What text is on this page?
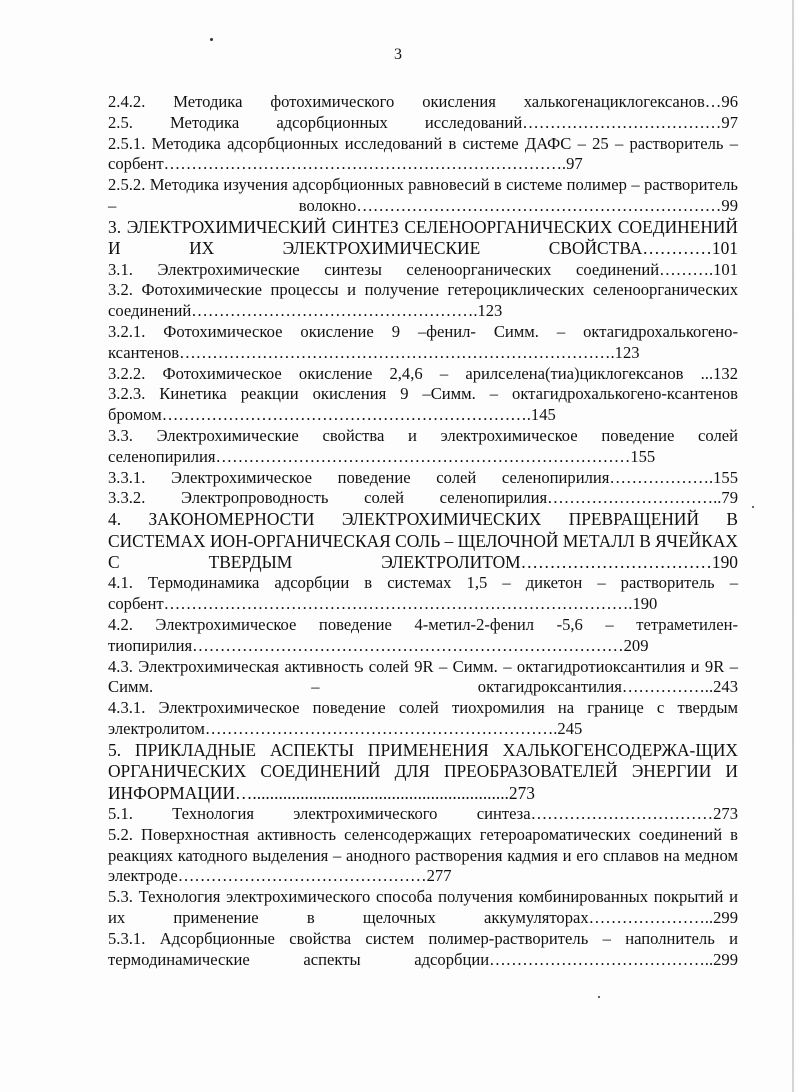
3

2.4.2. Методика фотохимического окисления халькогенациклогексанов…96

2.5. Методика адсорбционных исследований………………………………97

2.5.1. Методика адсорбционных исследований в системе ДАФС – 25 – растворитель – сорбент……………………………………………………………….97

2.5.2. Методика изучения адсорбционных равновесий в системе полимер – растворитель – волокно…………………………………………………………99

3. ЭЛЕКТРОХИМИЧЕСКИЙ СИНТЕЗ СЕЛЕНООРГАНИЧЕСКИХ СОЕДИНЕНИЙ И ИХ ЭЛЕКТРОХИМИЧЕСКИЕ СВОЙСТВА…………101

3.1. Электрохимические синтезы селеноорганических соединений……….101

3.2. Фотохимические процессы и получение гетероциклических селеноорганических соединений…………………………………………….123

3.2.1. Фотохимическое окисление 9 –фенил- Симм. – октагидрохалькогено-ксантенов…………………………………………………………………….123

3.2.2. Фотохимическое окисление 2,4,6 – арилселена(тиа)циклогексанов ...132

3.2.3. Кинетика реакции окисления 9 –Симм. – октагидрохалькогено-ксантенов бромом………………………………………………………….145

3.3. Электрохимические свойства и электрохимическое поведение солей селенопирилия…………………………………………………………………155

3.3.1. Электрохимическое поведение солей селенопирилия……………….155

3.3.2. Электропроводность солей селенопирилия…………………………..79

4. ЗАКОНОМЕРНОСТИ ЭЛЕКТРОХИМИЧЕСКИХ ПРЕВРАЩЕНИЙ В СИСТЕМАХ ИОН-ОРГАНИЧЕСКАЯ СОЛЬ – ЩЕЛОЧНОЙ МЕТАЛЛ В ЯЧЕЙКАХ С ТВЕРДЫМ ЭЛЕКТРОЛИТОМ……………………………190

4.1. Термодинамика адсорбции в системах 1,5 – дикетон – растворитель – сорбент………………………………………………………………………….190

4.2. Электрохимическое поведение 4-метил-2-фенил -5,6 – тетраметилен-тиопирилия……………………………………………………………………209

4.3. Электрохимическая активность солей 9R – Симм. – октагидротиоксантилия и 9R – Симм. – октагидроксантилия……………..243

4.3.1. Электрохимическое поведение солей тиохромилия на границе с твердым электролитом……………………………………………………….245

5. ПРИКЛАДНЫЕ АСПЕКТЫ ПРИМЕНЕНИЯ ХАЛЬКОГЕНСОДЕРЖА-ЩИХ ОРГАНИЧЕСКИХ СОЕДИНЕНИЙ ДЛЯ ПРЕОБРАЗОВАТЕЛЕЙ ЭНЕРГИИ И ИНФОРМАЦИИ…...........................................................273

5.1. Технология электрохимического синтеза……………………………273

5.2. Поверхностная активность селенсодержащих гетероароматических соединений в реакциях катодного выделения – анодного растворения кадмия и его сплавов на медном электроде………………………………………277

5.3. Технология электрохимического способа получения комбинированных покрытий и их применение в щелочных аккумуляторах…………………..299

5.3.1. Адсорбционные свойства систем полимер-растворитель – наполнитель и термодинамические аспекты адсорбции…………………………………..299
